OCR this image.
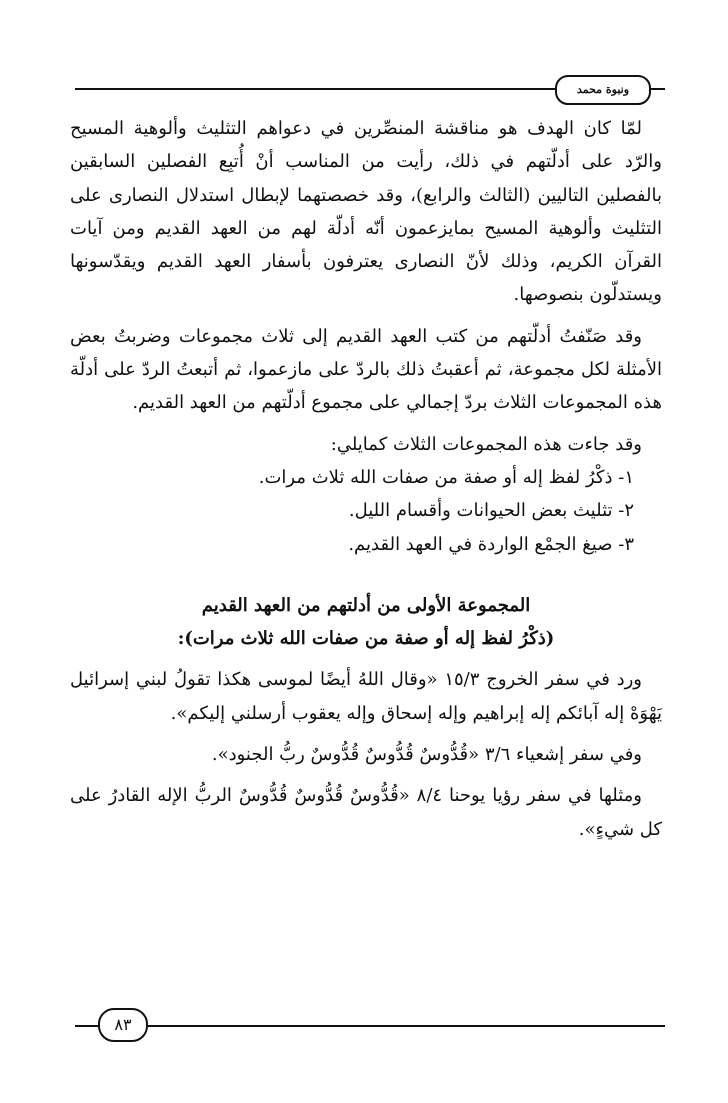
ونبوة محمد

لمّا كان الهدف هو مناقشة المنصِّرين في دعواهم التثليث وألوهية المسيح والرّد على أدلّتهم في ذلك، رأيت من المناسب أنْ أُتبِع الفصلين السابقين بالفصلين التاليين (الثالث والرابع)، وقد خصصتهما لإبطال استدلال النصارى على التثليث وألوهية المسيح بمايزعمون أنّه أدلّة لهم من العهد القديم ومن آيات القرآن الكريم، وذلك لأنّ النصارى يعترفون بأسفار العهد القديم ويقدّسونها ويستدلّون بنصوصها.

وقد صَنّفتُ أدلّتهم من كتب العهد القديم إلى ثلاث مجموعات وضربتُ بعض الأمثلة لكل مجموعة، ثم أعقبتُ ذلك بالردّ على مازعموا، ثم أتبعتُ الردّ على أدلّة هذه المجموعات الثلاث بردّ إجمالي على مجموع أدلّتهم من العهد القديم.

وقد جاءت هذه المجموعات الثلاث كمايلي:

١- ذكْرُ لفظ إله أو صفة من صفات الله ثلاث مرات.

٢- تثليث بعض الحيوانات وأقسام الليل.

٣- صيغ الجمْع الواردة في العهد القديم.

المجموعة الأولى من أدلتهم من العهد القديم

(ذكْرُ لفظ إله أو صفة من صفات الله ثلاث مرات):

ورد في سفر الخروج ١٥/٣ «وقال اللهُ أيضًا لموسى هكذا تقولُ لبني إسرائيل يَهْوَهْ إله آبائكم إله إبراهيم وإله إسحاق وإله يعقوب أرسلني إليكم».

وفي سفر إشعياء ٣/٦ «قُدُّوسٌ قُدُّوسٌ قُدُّوسٌ ربُّ الجنود».

ومثلها في سفر رؤيا يوحنا ٨/٤ «قُدُّوسٌ قُدُّوسٌ قُدُّوسٌ الربُّ الإله القادرُ على كل شيءٍ».

٨٣
